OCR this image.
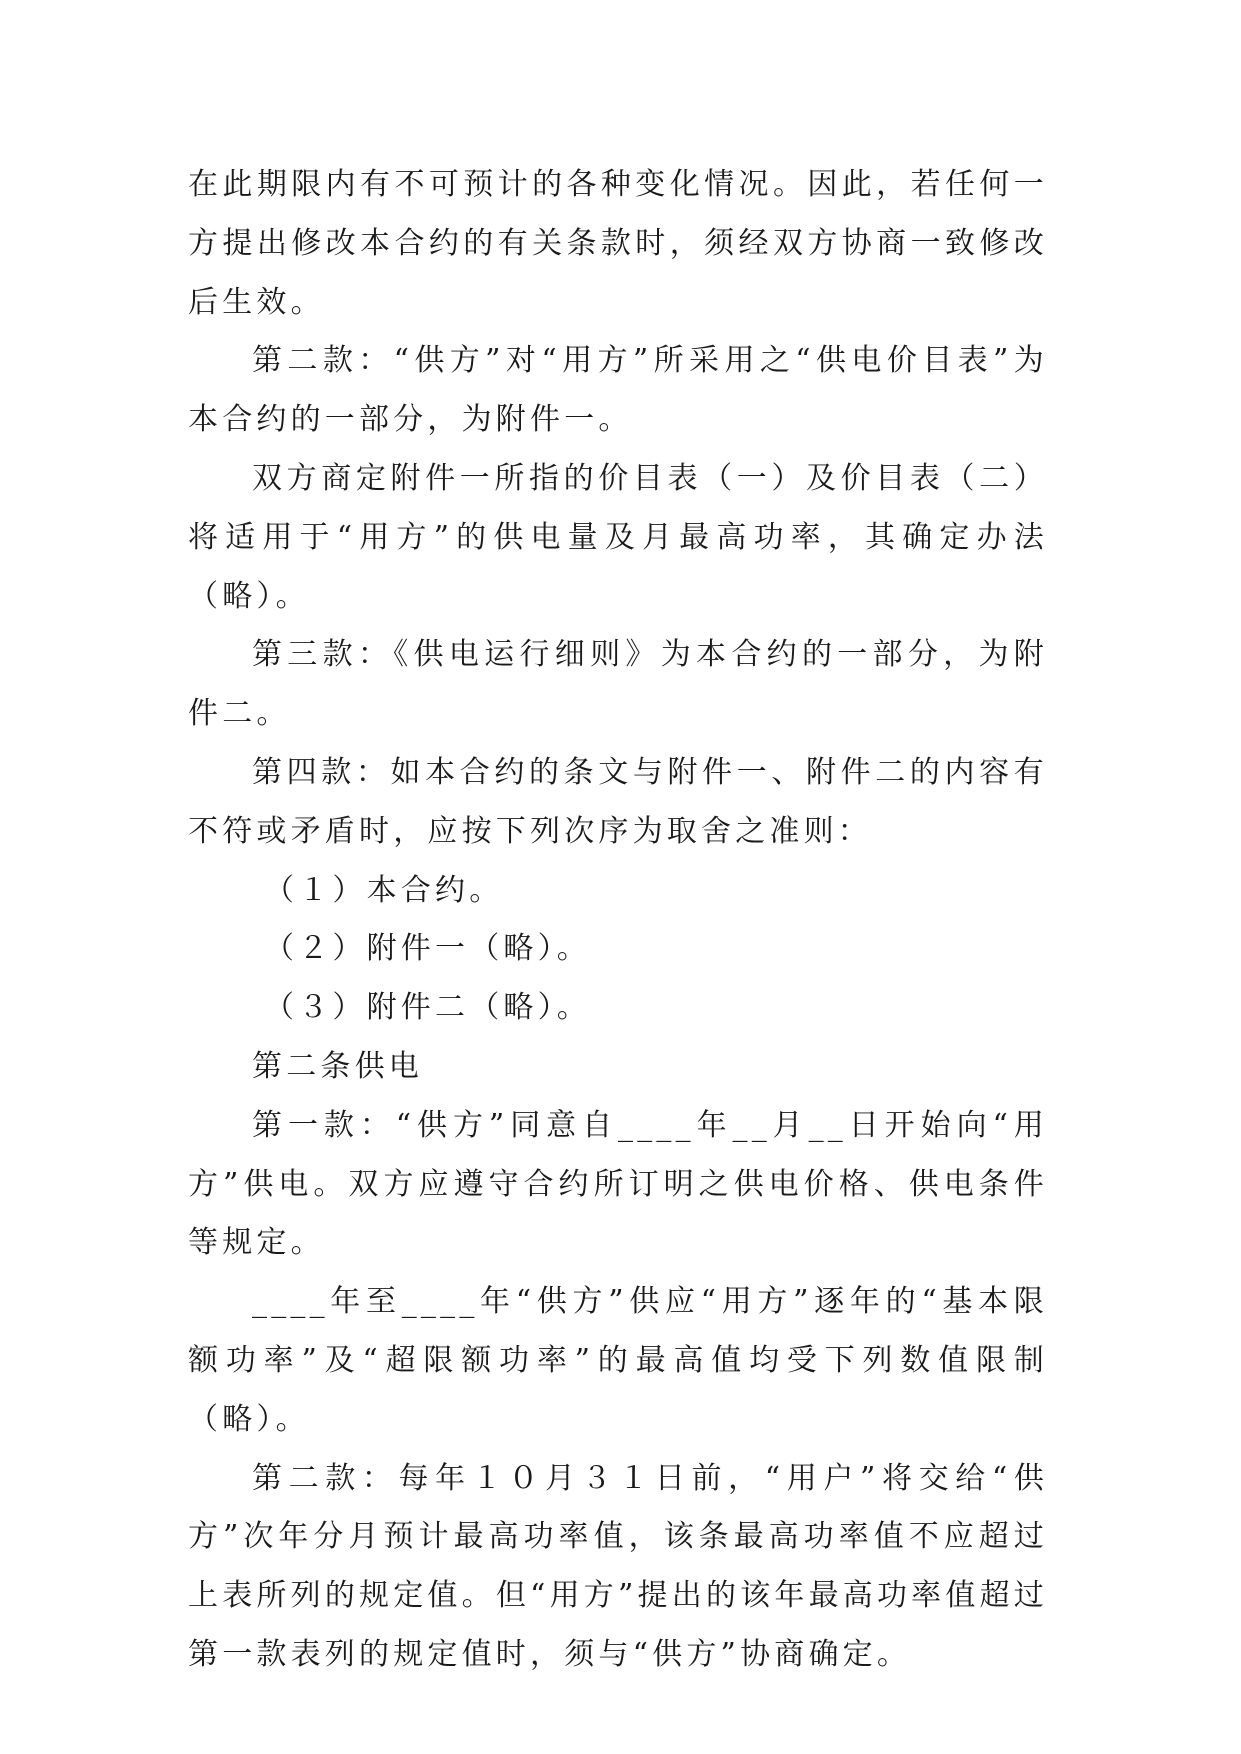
在此期限内有不可预计的各种变化情况。因此，若任何一方提出修改本合约的有关条款时，须经双方协商一致修改后生效。

第二款：“供方”对“用方”所采用之“供电价目表”为本合约的一部分，为附件一。

双方商定附件一所指的价目表（一）及价目表（二）将适用于“用方”的供电量及月最高功率，其确定办法（略）。

第三款：《供电运行细则》为本合约的一部分，为附件二。

第四款：如本合约的条文与附件一、附件二的内容有不符或矛盾时，应按下列次序为取舍之准则：

（１）本合约。

（２）附件一（略）。

（３）附件二（略）。

第二条供电

第一款：“供方”同意自____年__月__日开始向“用方”供电。双方应遵守合约所订明之供电价格、供电条件等规定。

____年至____年“供方”供应“用方”逐年的“基本限额功率”及“超限额功率”的最高值均受下列数值限制（略）。

第二款：每年１０月３１日前，“用户”将交给“供方”次年分月预计最高功率值，该条最高功率值不应超过上表所列的规定值。但“用方”提出的该年最高功率值超过第一款表列的规定值时，须与“供方”协商确定。
